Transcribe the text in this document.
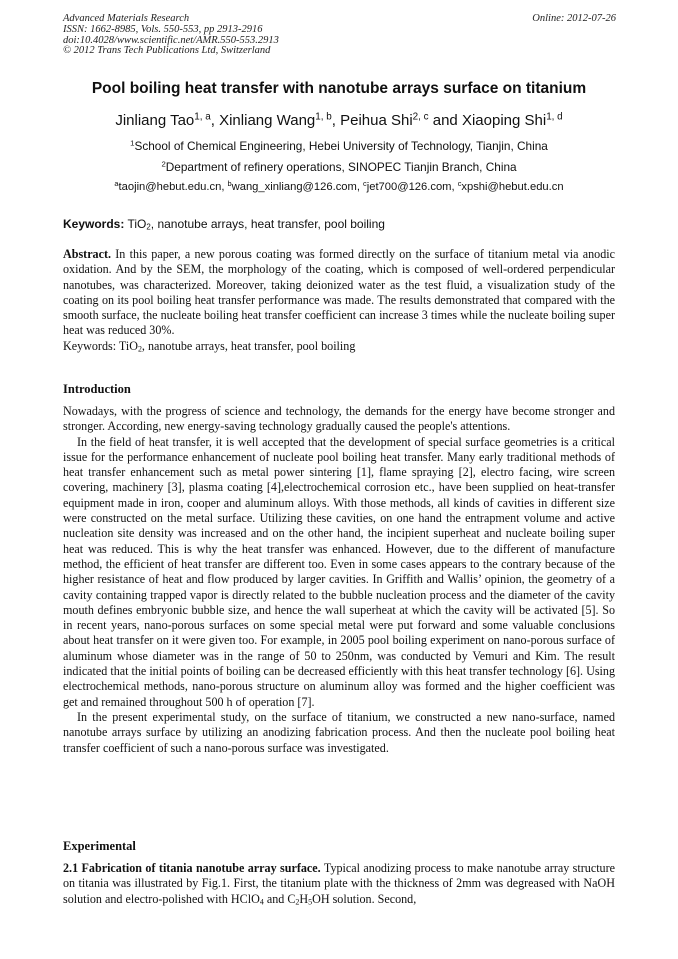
Advanced Materials Research
ISSN: 1662-8985, Vols. 550-553, pp 2913-2916
doi:10.4028/www.scientific.net/AMR.550-553.2913
© 2012 Trans Tech Publications Ltd, Switzerland
Online: 2012-07-26
Pool boiling heat transfer with nanotube arrays surface on titanium
Jinliang Tao$^{1, a}$, Xinliang Wang$^{1, b}$, Peihua Shi$^{2, c}$ and Xiaoping Shi$^{1, d}$
$^1$School of Chemical Engineering, Hebei University of Technology, Tianjin, China
$^2$Department of refinery operations, SINOPEC Tianjin Branch, China
$^a$taojin@hebut.edu.cn, $^b$wang_xinliang@126.com, $^c$jet700@126.com, $^c$xpshi@hebut.edu.cn
Keywords: TiO$_2$, nanotube arrays, heat transfer, pool boiling

Abstract. In this paper, a new porous coating was formed directly on the surface of titanium metal via anodic oxidation. And by the SEM, the morphology of the coating, which is composed of well-ordered perpendicular nanotubes, was characterized. Moreover, taking deionized water as the test fluid, a visualization study of the coating on its pool boiling heat transfer performance was made. The results demonstrated that compared with the smooth surface, the nucleate boiling heat transfer coefficient can increase 3 times while the nucleate boiling super heat was reduced 30%.

Keywords: TiO$_2$, nanotube arrays, heat transfer, pool boiling

Introduction

Nowadays, with the progress of science and technology, the demands for the energy have become stronger and stronger. According, new energy-saving technology gradually caused the people's attentions.

In the field of heat transfer, it is well accepted that the development of special surface geometries is a critical issue for the performance enhancement of nucleate pool boiling heat transfer. Many early traditional methods of heat transfer enhancement such as metal power sintering [1], flame spraying [2], electro facing, wire screen covering, machinery [3], plasma coating [4],electrochemical corrosion etc., have been supplied on heat-transfer equipment made in iron, cooper and aluminum alloys. With those methods, all kinds of cavities in different size were constructed on the metal surface. Utilizing these cavities, on one hand the entrapment volume and active nucleation site density was increased and on the other hand, the incipient superheat and nucleate boiling super heat was reduced. This is why the heat transfer was enhanced. However, due to the different of manufacture method, the efficient of heat transfer are different too. Even in some cases appears to the contrary because of the higher resistance of heat and flow produced by larger cavities. In Griffith and Wallis’ opinion, the geometry of a cavity containing trapped vapor is directly related to the bubble nucleation process and the diameter of the cavity mouth defines embryonic bubble size, and hence the wall superheat at which the cavity will be activated [5]. So in recent years, nano-porous surfaces on some special metal were put forward and some valuable conclusions about heat transfer on it were given too. For example, in 2005 pool boiling experiment on nano-porous surface of aluminum whose diameter was in the range of 50 to 250nm, was conducted by Vemuri and Kim. The result indicated that the initial points of boiling can be decreased efficiently with this heat transfer technology [6]. Using electrochemical methods, nano-porous structure on aluminum alloy was formed and the higher coefficient was get and remained throughout 500 h of operation [7].

In the present experimental study, on the surface of titanium, we constructed a new nano-surface, named nanotube arrays surface by utilizing an anodizing fabrication process. And then the nucleate pool boiling heat transfer coefficient of such a nano-porous surface was investigated.

Experimental

2.1 Fabrication of titania nanotube array surface. Typical anodizing process to make nanotube array structure on titania was illustrated by Fig.1. First, the titanium plate with the thickness of 2mm was degreased with NaOH solution and electro-polished with HClO$_4$ and $C_2H_5OH$ solution. Second,
